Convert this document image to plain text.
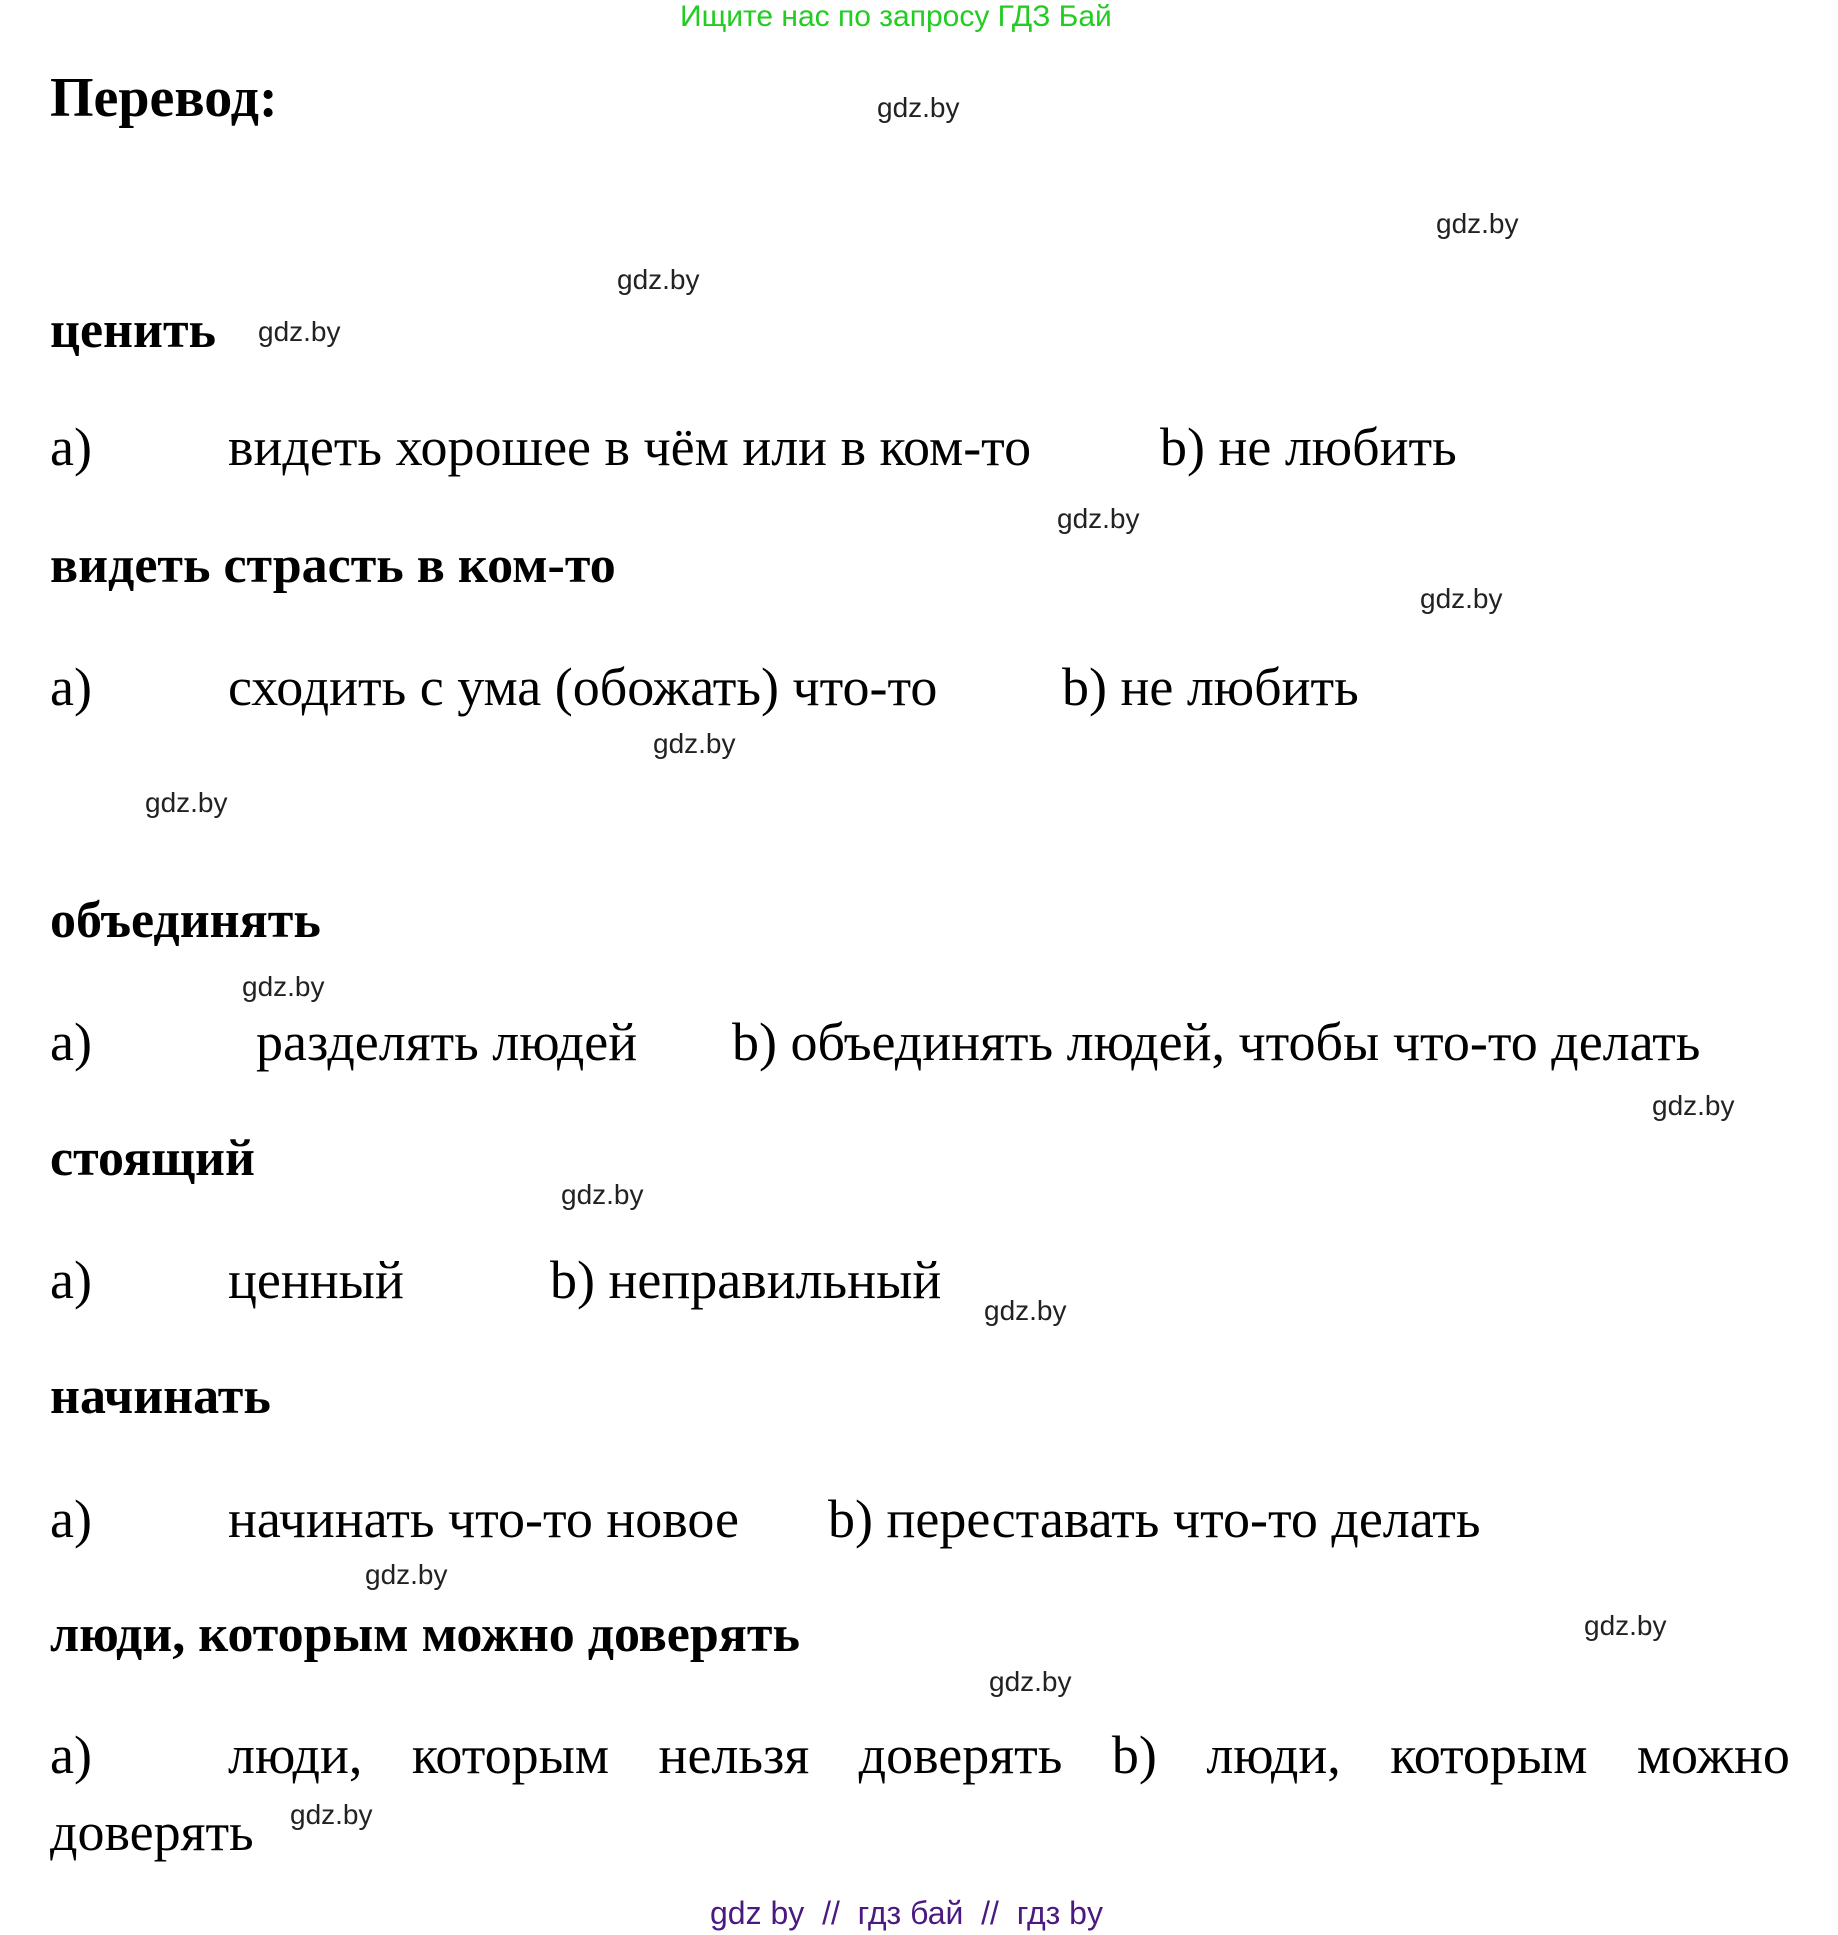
Ищите нас по запросу ГДЗ Бай
Перевод:
ценить
a)	видеть хорошее в чём или в ком-то b) не любить
видеть страсть в ком-то
a)	сходить с ума (обожать) что-то b) не любить
объединять
a)	разделять людей b) объединять людей, чтобы что-то делать
стоящий
a)	ценный	b) неправильный
начинать
a)	начинать что-то новое b) переставать что-то делать
люди, которым можно доверять
a)	люди, которым нельзя доверять b) люди, которым можно
доверять
gdz.by
gdz.by
gdz.by
gdz.by
gdz.by
gdz.by
gdz.by
gdz.by
gdz.by
gdz.by
gdz.by
gdz.by
gdz.by
gdz.by
gdz.by
gdz.by
gdz by  //  гдз бай  //  гдз by
